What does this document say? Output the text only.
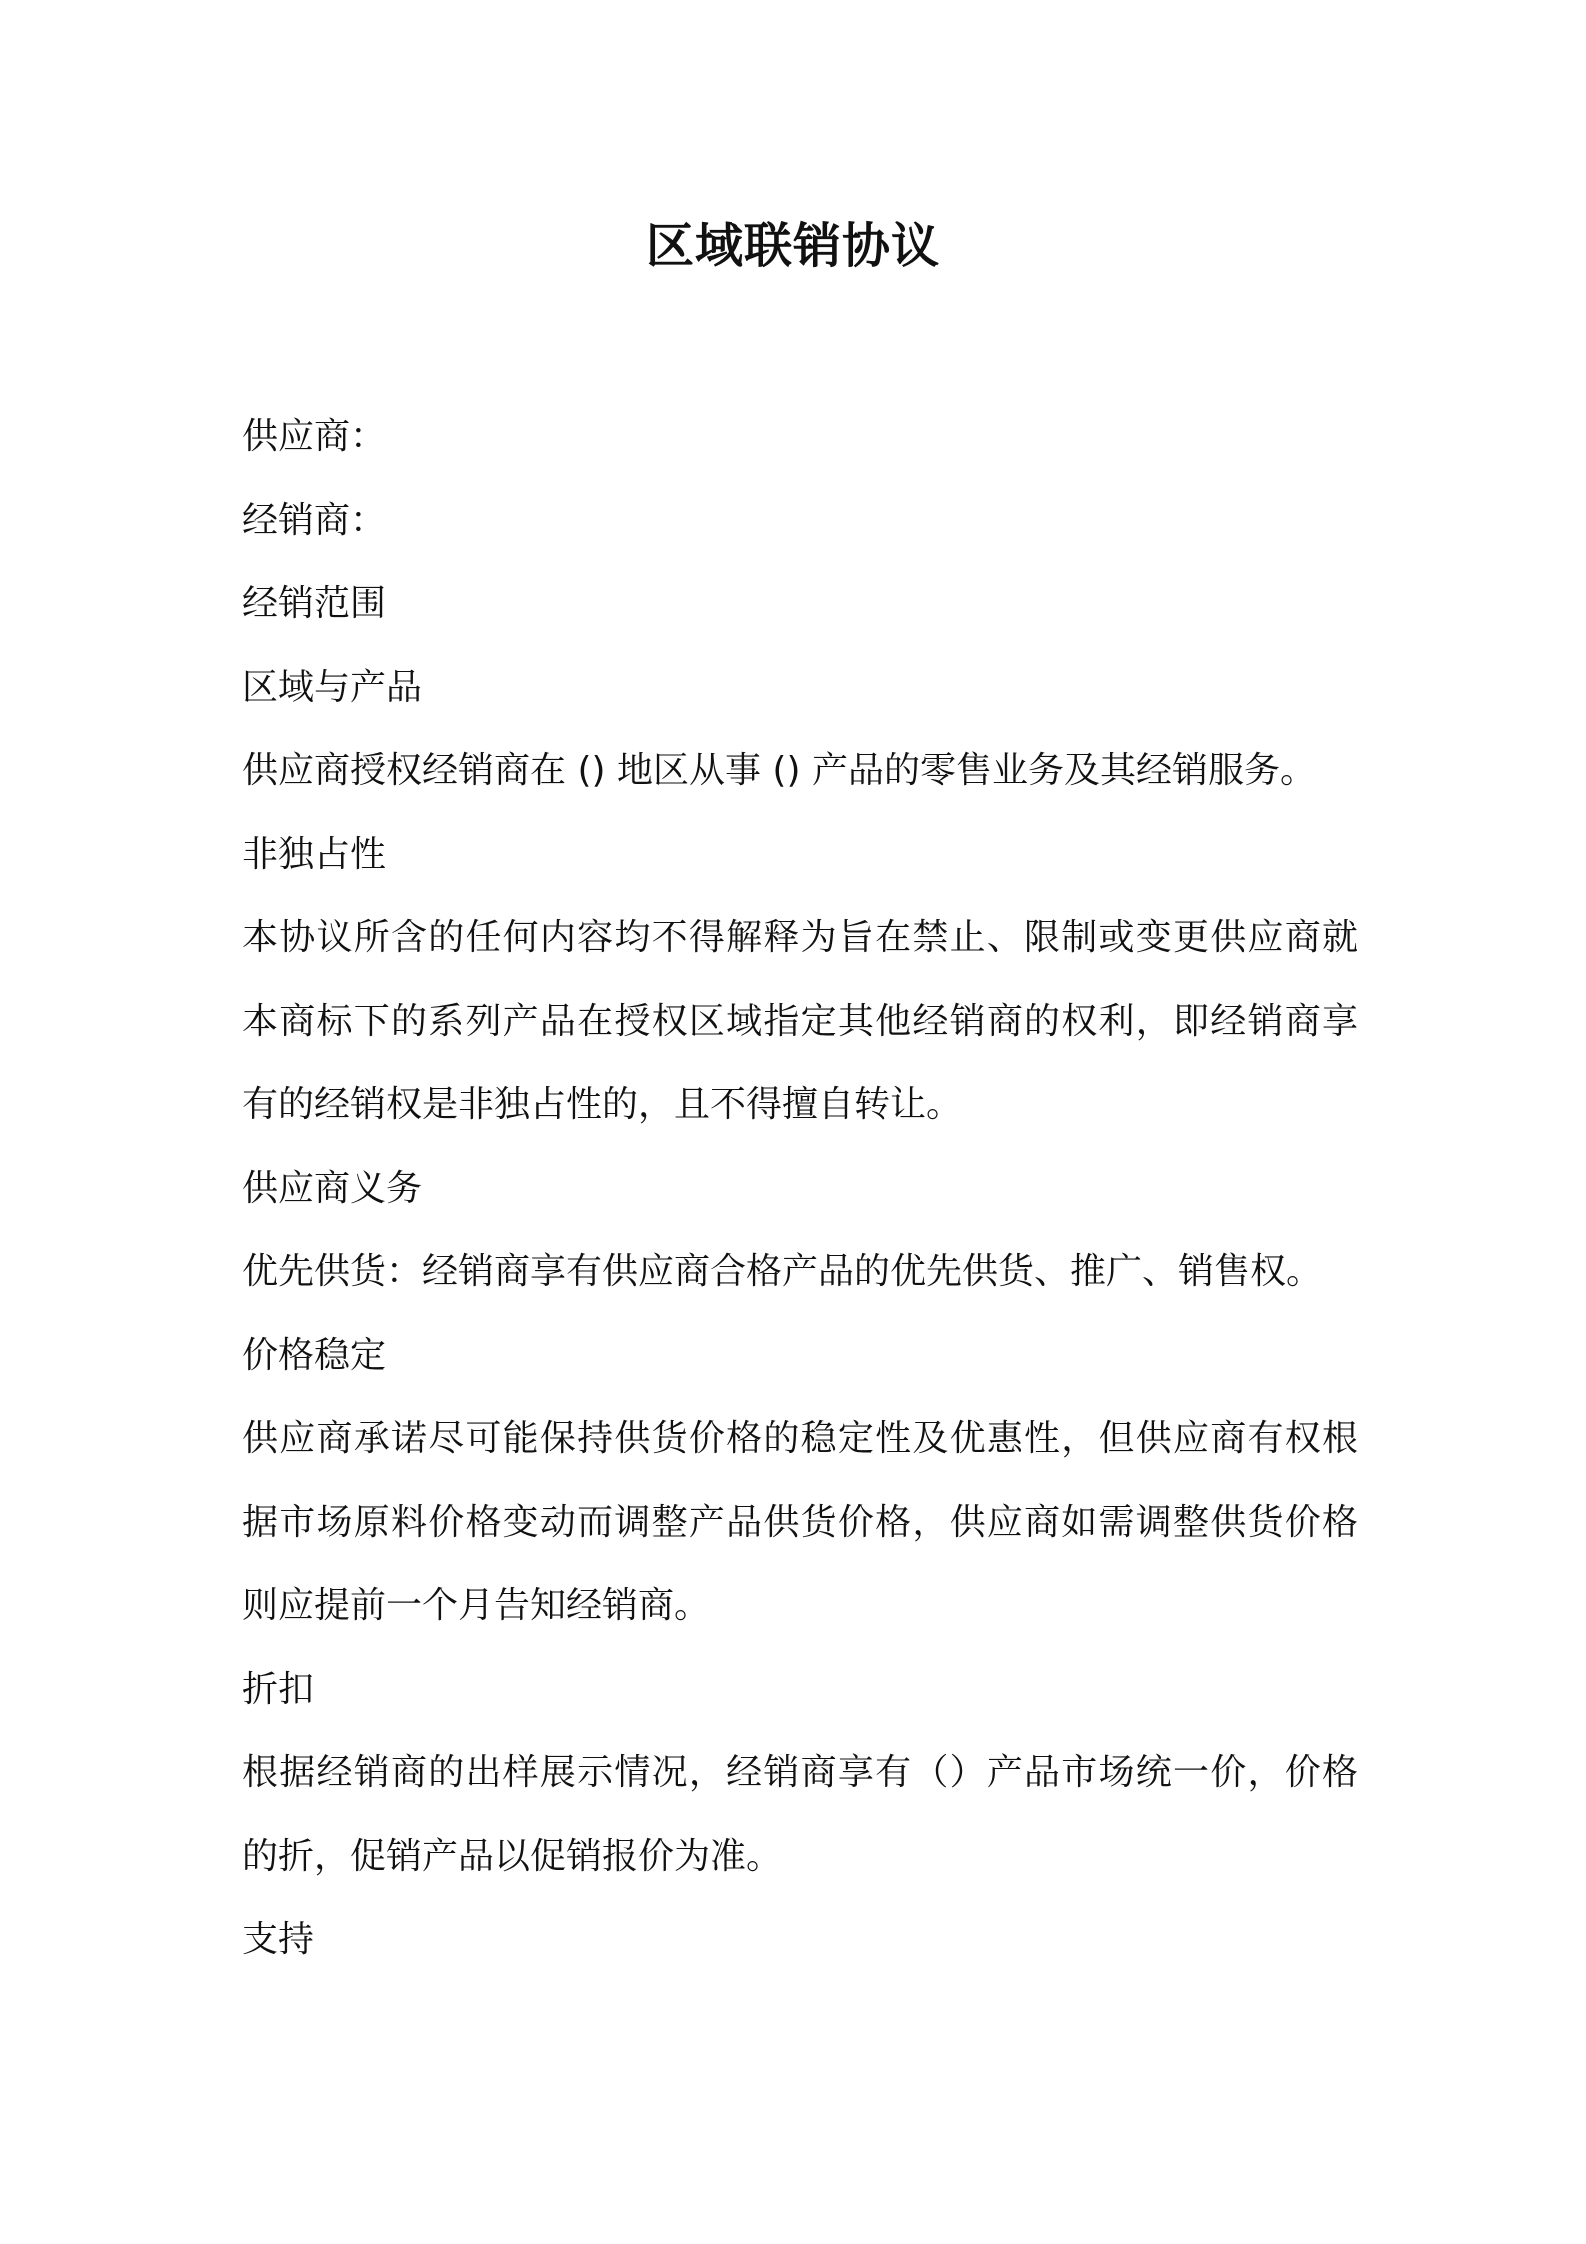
区域联销协议

供应商：

经销商：

经销范围

区域与产品

供应商授权经销商在 () 地区从事 () 产品的零售业务及其经销服务。

非独占性

本协议所含的任何内容均不得解释为旨在禁止、限制或变更供应商就

本商标下的系列产品在授权区域指定其他经销商的权利，即经销商享

有的经销权是非独占性的，且不得擅自转让。

供应商义务

优先供货：经销商享有供应商合格产品的优先供货、推广、销售权。

价格稳定

供应商承诺尽可能保持供货价格的稳定性及优惠性，但供应商有权根

据市场原料价格变动而调整产品供货价格，供应商如需调整供货价格

则应提前一个月告知经销商。

折扣

根据经销商的出样展示情况，经销商享有（）产品市场统一价，价格

的折，促销产品以促销报价为准。

支持
